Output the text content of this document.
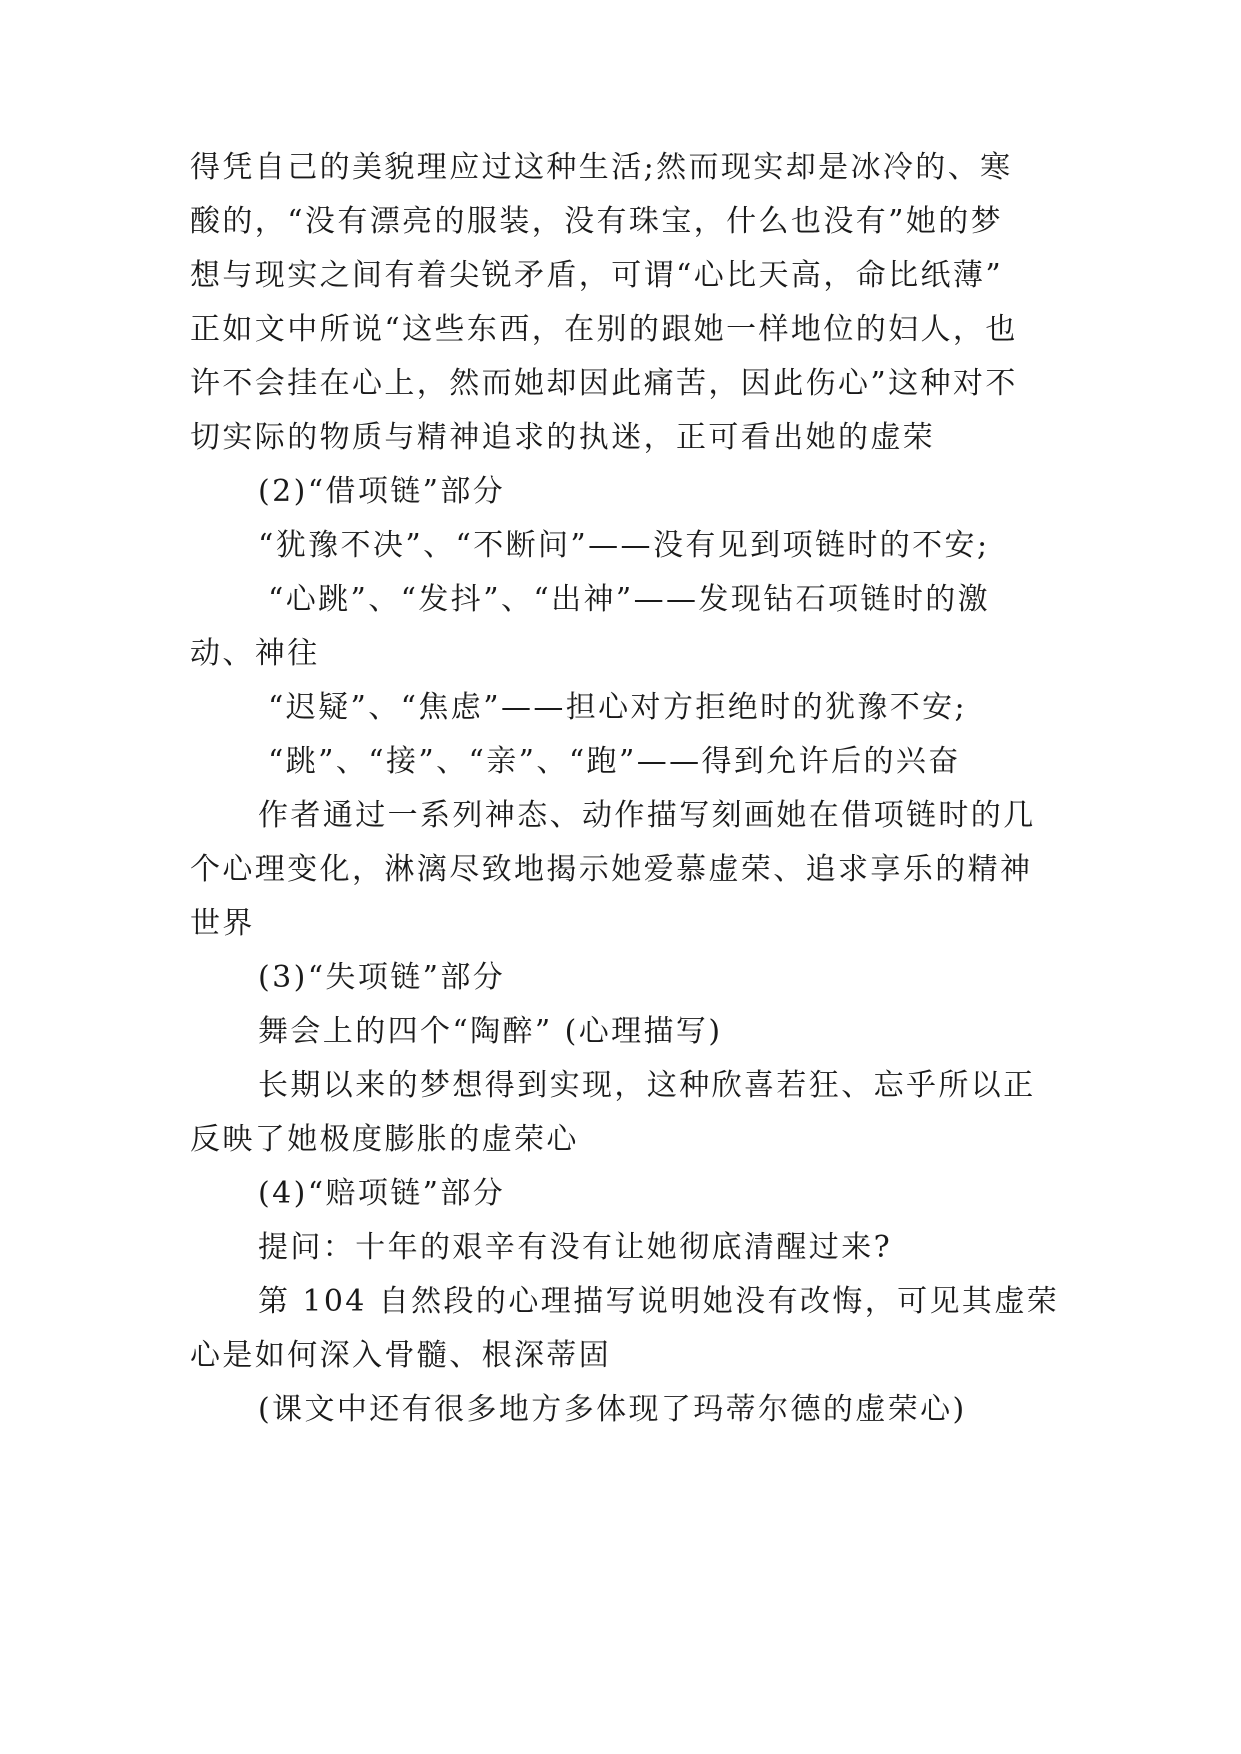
得凭自己的美貌理应过这种生活;然而现实却是冰冷的、寒
酸的，“没有漂亮的服装，没有珠宝，什么也没有”她的梦
想与现实之间有着尖锐矛盾，可谓“心比天高，命比纸薄”
正如文中所说“这些东西，在别的跟她一样地位的妇人，也
许不会挂在心上，然而她却因此痛苦，因此伤心”这种对不
切实际的物质与精神追求的执迷，正可看出她的虚荣
(2)“借项链”部分
“犹豫不决”、“不断问”——没有见到项链时的不安;
“心跳”、“发抖”、“出神”——发现钻石项链时的激
动、神往
“迟疑”、“焦虑”——担心对方拒绝时的犹豫不安;
“跳”、“接”、“亲”、“跑”——得到允许后的兴奋
作者通过一系列神态、动作描写刻画她在借项链时的几
个心理变化，淋漓尽致地揭示她爱慕虚荣、追求享乐的精神
世界
(3)“失项链”部分
舞会上的四个“陶醉” (心理描写)
长期以来的梦想得到实现，这种欣喜若狂、忘乎所以正
反映了她极度膨胀的虚荣心
(4)“赔项链”部分
提问：十年的艰辛有没有让她彻底清醒过来?
第 104 自然段的心理描写说明她没有改悔，可见其虚荣
心是如何深入骨髓、根深蒂固
(课文中还有很多地方多体现了玛蒂尔德的虚荣心)
